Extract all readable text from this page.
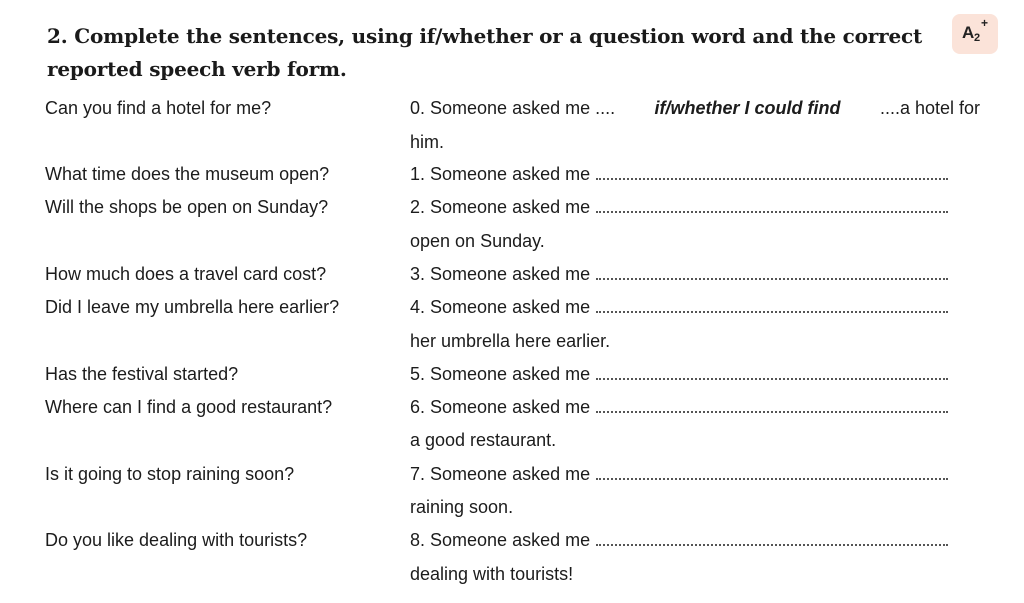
2. Complete the sentences, using if/whether or a question word and the correct reported speech verb form.
A 2
+
Can you find a hotel for me?	0. Someone asked me .... if/whether I could find ....a hotel for
him.
What time does the museum open?	1. Someone asked me
Will the shops be open on Sunday?	2. Someone asked me
open on Sunday.
How much does a travel card cost?	3. Someone asked me
Did I leave my umbrella here earlier?	4. Someone asked me
her umbrella here earlier.
Has the festival started?	5. Someone asked me
Where can I find a good restaurant?	6. Someone asked me
a good restaurant.
Is it going to stop raining soon?	7. Someone asked me
raining soon.
Do you like dealing with tourists?	8. Someone asked me
dealing with tourists!
